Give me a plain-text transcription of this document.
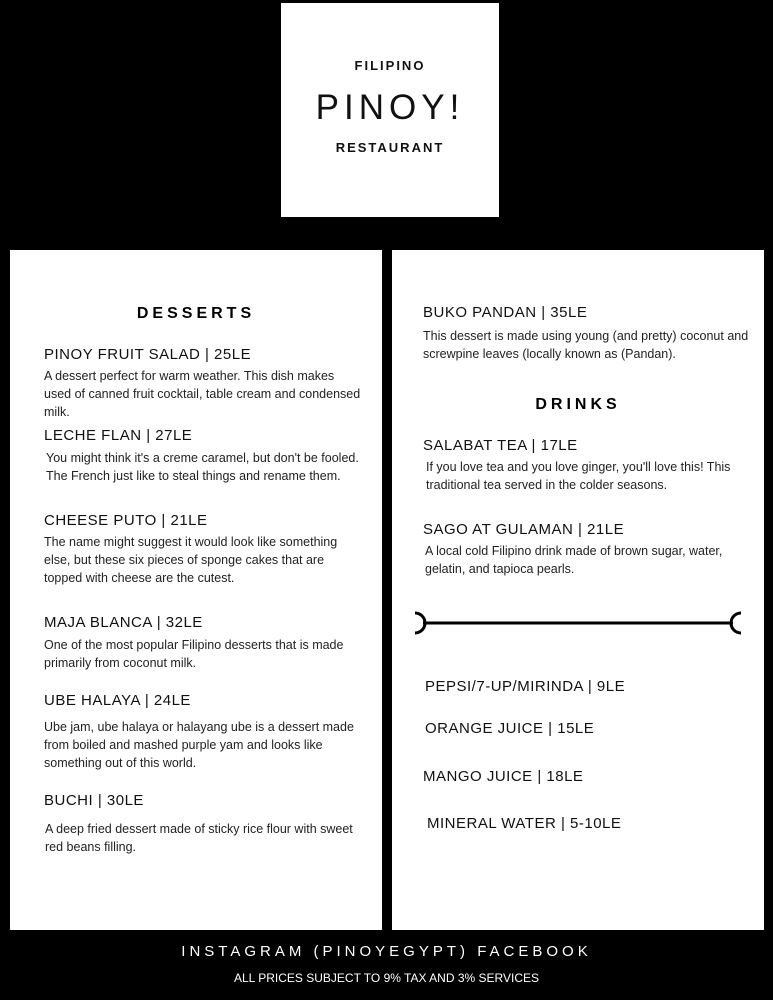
FILIPINO
PINOY!
RESTAURANT
DESSERTS
PINOY FRUIT SALAD | 25LE
A dessert perfect for warm weather. This dish makes used of canned fruit cocktail, table cream and condensed milk.
LECHE FLAN | 27LE
You might think it's a creme caramel, but don't be fooled. The French just like to steal things and rename them.
CHEESE PUTO | 21LE
The name might suggest it would look like something else, but these six pieces of sponge cakes that are topped with cheese are the cutest.
MAJA BLANCA | 32LE
One of the most popular Filipino desserts that is made primarily from coconut milk.
UBE HALAYA | 24LE
Ube jam, ube halaya or halayang ube is a dessert made from boiled and mashed purple yam and looks like something out of this world.
BUCHI | 30LE
A deep fried dessert made of sticky rice flour with sweet red beans filling.
BUKO PANDAN | 35LE
This dessert is made using young (and pretty) coconut and screwpine leaves (locally known as (Pandan).
DRINKS
SALABAT TEA | 17LE
If you love tea and you love ginger, you'll love this! This traditional tea served in the colder seasons.
SAGO AT GULAMAN | 21LE
A local cold Filipino drink made of brown sugar, water, gelatin, and tapioca pearls.
PEPSI/7-UP/MIRINDA | 9LE
ORANGE JUICE | 15LE
MANGO JUICE | 18LE
MINERAL WATER | 5-10LE
INSTAGRAM (PINOYEGYPT) FACEBOOK
ALL PRICES SUBJECT TO 9% TAX AND 3% SERVICES
